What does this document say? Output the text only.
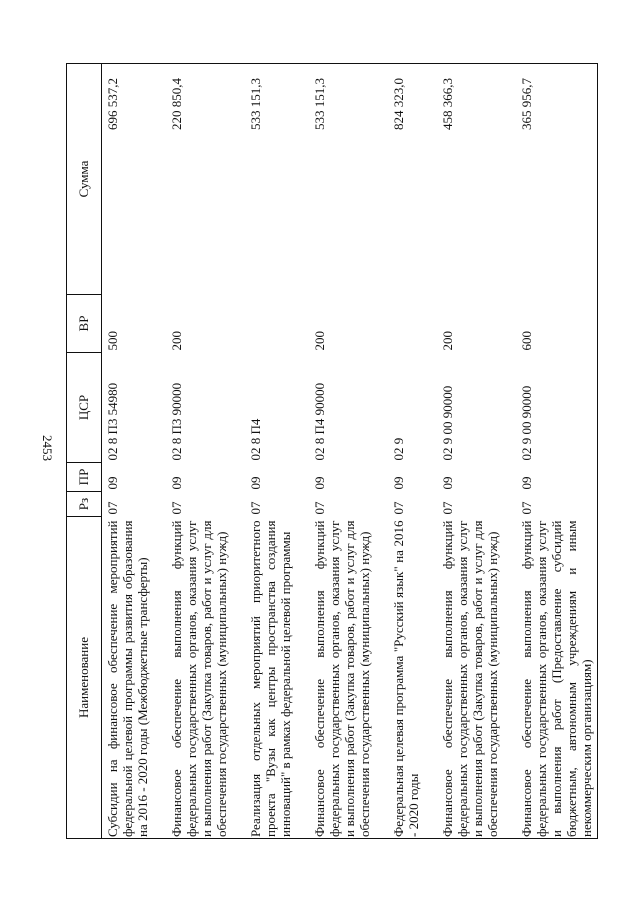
2453
Наименование	Рз	ПР	ЦСР	ВР	Сумма
Субсидии на финансовое обеспечение мероприятий федеральной целевой программы развития образования на 2016 - 2020 годы (Межбюджетные трансферты)	07	09	02 8 П3 54980	500	696 537,2
Финансовое обеспечение выполнения функций федеральных государственных органов, оказания услуг и выполнения работ (Закупка товаров, работ и услуг для обеспечения государственных (муниципальных) нужд)	07	09	02 8 П3 90000	200	220 850,4
Реализация отдельных мероприятий приоритетного проекта "Вузы как центры пространства создания инноваций" в рамках федеральной целевой программы	07	09	02 8 П4		533 151,3
Финансовое обеспечение выполнения функций федеральных государственных органов, оказания услуг и выполнения работ (Закупка товаров, работ и услуг для обеспечения государственных (муниципальных) нужд)	07	09	02 8 П4 90000	200	533 151,3
Федеральная целевая программа "Русский язык" на 2016 - 2020 годы	07	09	02 9		824 323,0
Финансовое обеспечение выполнения функций федеральных государственных органов, оказания услуг и выполнения работ (Закупка товаров, работ и услуг для обеспечения государственных (муниципальных) нужд)	07	09	02 9 00 90000	200	458 366,3
Финансовое обеспечение выполнения функций федеральных государственных органов, оказания услуг и выполнения работ (Предоставление субсидий бюджетным, автономным учреждениям и иным некоммерческим организациям)	07	09	02 9 00 90000	600	365 956,7
